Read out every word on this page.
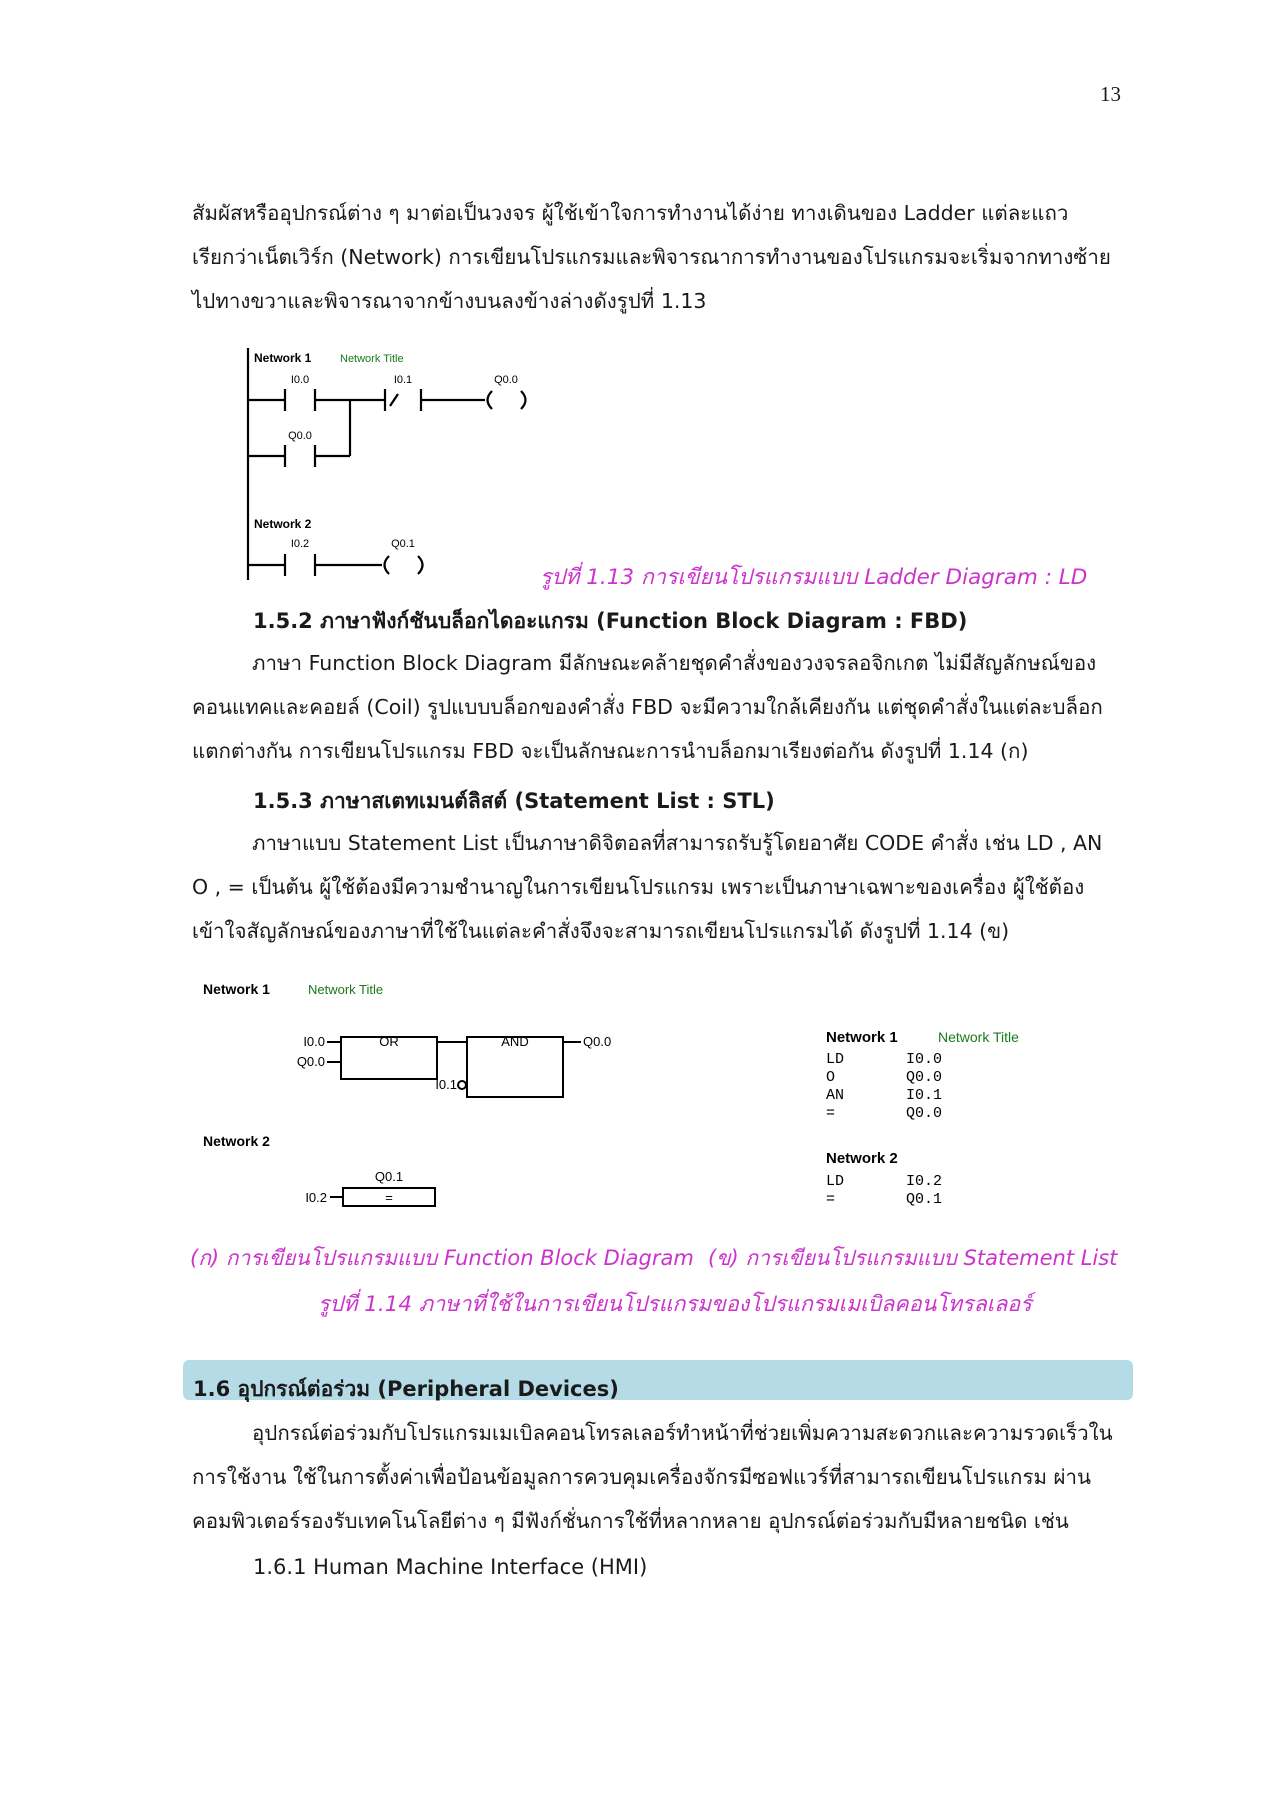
13
สัมผัสหรืออุปกรณ์ต่าง ๆ มาต่อเป็นวงจร ผู้ใช้เข้าใจการทำงานได้ง่าย ทางเดินของ Ladder แต่ละแถว
เรียกว่าเน็ตเวิร์ก (Network) การเขียนโปรแกรมและพิจารณาการทำงานของโปรแกรมจะเริ่มจากทางซ้าย
ไปทางขวาและพิจารณาจากข้างบนลงข้างล่างดังรูปที่ 1.13
Network 1	Network Title
I0.0	I0.1	Q0.0
Q0.0
Network 2
I0.2	Q0.1
รูปที่ 1.13 การเขียนโปรแกรมแบบ Ladder Diagram : LD
1.5.2 ภาษาฟังก์ชันบล็อกไดอะแกรม (Function Block Diagram : FBD)
ภาษา Function Block Diagram มีลักษณะคล้ายชุดคำสั่งของวงจรลอจิกเกต ไม่มีสัญลักษณ์ของ
คอนแทคและคอยล์ (Coil) รูปแบบบล็อกของคำสั่ง FBD จะมีความใกล้เคียงกัน แต่ชุดคำสั่งในแต่ละบล็อก
แตกต่างกัน การเขียนโปรแกรม FBD จะเป็นลักษณะการนำบล็อกมาเรียงต่อกัน ดังรูปที่ 1.14 (ก)
1.5.3 ภาษาสเตทเมนต์ลิสต์ (Statement List : STL)
ภาษาแบบ Statement List เป็นภาษาดิจิตอลที่สามารถรับรู้โดยอาศัย CODE คำสั่ง เช่น LD , AN
O , = เป็นต้น ผู้ใช้ต้องมีความชำนาญในการเขียนโปรแกรม เพราะเป็นภาษาเฉพาะของเครื่อง ผู้ใช้ต้อง
เข้าใจสัญลักษณ์ของภาษาที่ใช้ในแต่ละคำสั่งจึงจะสามารถเขียนโปรแกรมได้ ดังรูปที่ 1.14 (ข)
Network 1	Network Title
I0.0
Q0.0
OR	AND	Q0.0
I0.1
Network 2
Q0.1
I0.2	=
Network 1	Network Title
LD	I0.0
O	Q0.0
AN	I0.1
=	Q0.0
Network 2
LD	I0.2
=	Q0.1
(ก) การเขียนโปรแกรมแบบ Function Block Diagram (ข) การเขียนโปรแกรมแบบ Statement List
รูปที่ 1.14 ภาษาที่ใช้ในการเขียนโปรแกรมของโปรแกรมเมเบิลคอนโทรลเลอร์
1.6 อุปกรณ์ต่อร่วม (Peripheral Devices)
อุปกรณ์ต่อร่วมกับโปรแกรมเมเบิลคอนโทรลเลอร์ทำหน้าที่ช่วยเพิ่มความสะดวกและความรวดเร็วใน
การใช้งาน ใช้ในการตั้งค่าเพื่อป้อนข้อมูลการควบคุมเครื่องจักรมีซอฟแวร์ที่สามารถเขียนโปรแกรม ผ่าน
คอมพิวเตอร์รองรับเทคโนโลยีต่าง ๆ มีฟังก์ชั่นการใช้ที่หลากหลาย อุปกรณ์ต่อร่วมกับมีหลายชนิด เช่น
1.6.1 Human Machine Interface (HMI)
